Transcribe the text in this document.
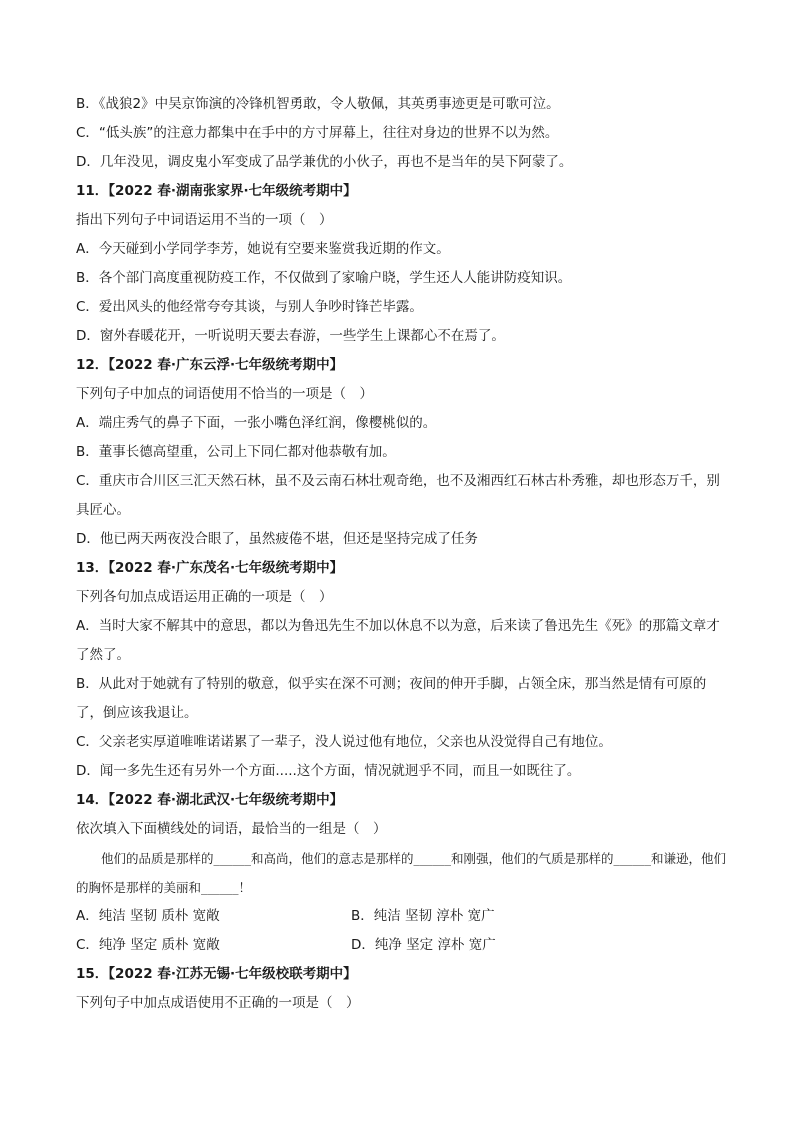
B．《战狼2》中吴京饰演的冷锋机智勇敢，令人敬佩，其英勇事迹更是可歌可泣。
C．“低头族”的注意力都集中在手中的方寸屏幕上，往往对身边的世界不以为然。
D．几年没见，调皮鬼小军变成了品学兼优的小伙子，再也不是当年的吴下阿蒙了。
11．【2022 春·湖南张家界·七年级统考期中】
指出下列句子中词语运用不当的一项（　）
A．今天碰到小学同学李芳，她说有空要来鉴赏我近期的作文。
B．各个部门高度重视防疫工作，不仅做到了家喻户晓，学生还人人能讲防疫知识。
C．爱出风头的他经常夸夸其谈，与别人争吵时锋芒毕露。
D．窗外春暖花开，一听说明天要去春游，一些学生上课都心不在焉了。
12．【2022 春·广东云浮·七年级统考期中】
下列句子中加点的词语使用不恰当的一项是（　）
A．端庄秀气的鼻子下面，一张小嘴色泽红润，像樱桃似的。
B．董事长德高望重，公司上下同仁都对他恭敬有加。
C．重庆市合川区三汇天然石林，虽不及云南石林壮观奇绝，也不及湘西红石林古朴秀雅，却也形态万千，别具匠心。
D．他已两天两夜没合眼了，虽然疲倦不堪，但还是坚持完成了任务
13．【2022 春·广东茂名·七年级统考期中】
下列各句加点成语运用正确的一项是（　）
A．当时大家不解其中的意思，都以为鲁迅先生不加以休息不以为意，后来读了鲁迅先生《死》的那篇文章才了然了。
B．从此对于她就有了特别的敬意，似乎实在深不可测；夜间的伸开手脚，占领全床，那当然是情有可原的了，倒应该我退让。
C．父亲老实厚道唯唯诺诺累了一辈子，没人说过他有地位，父亲也从没觉得自己有地位。
D．闻一多先生还有另外一个方面.....这个方面，情况就迥乎不同，而且一如既往了。
14．【2022 春·湖北武汉·七年级统考期中】
依次填入下面横线处的词语，最恰当的一组是（　）
他们的品质是那样的______和高尚，他们的意志是那样的______和刚强，他们的气质是那样的______和谦逊，他们的胸怀是那样的美丽和______！
A．纯洁 坚韧 质朴 宽敞	B．纯洁 坚韧 淳朴 宽广
C．纯净 坚定 质朴 宽敞	D．纯净 坚定 淳朴 宽广
15．【2022 春·江苏无锡·七年级校联考期中】
下列句子中加点成语使用不正确的一项是（　）
